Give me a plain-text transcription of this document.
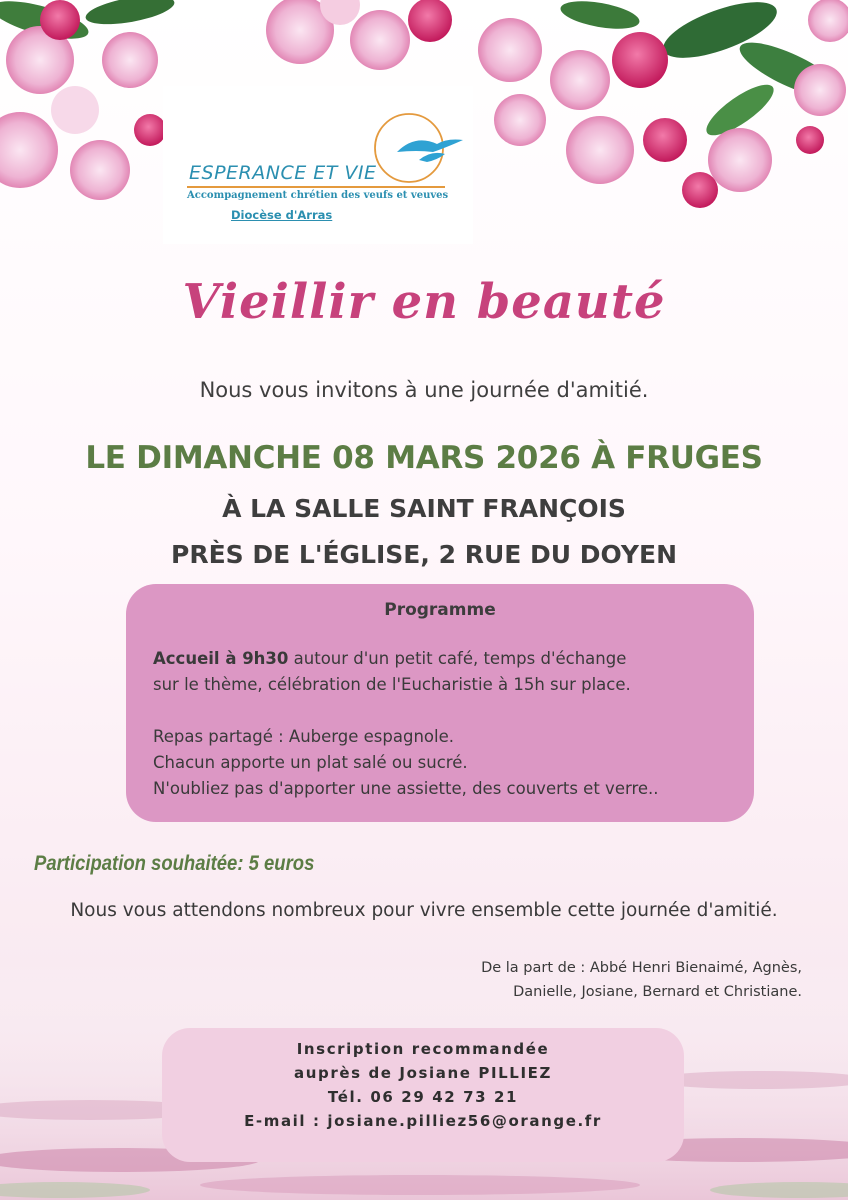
ESPERANCE ET VIE
Accompagnement chrétien des veufs et veuves
Diocèse d'Arras
Vieillir en beauté
Nous vous invitons à une journée d'amitié.
LE DIMANCHE 08 MARS 2026 À FRUGES
À LA SALLE SAINT FRANÇOIS
PRÈS DE L'ÉGLISE, 2 RUE DU DOYEN
Programme

Accueil à 9h30 autour d'un petit café, temps d'échange

sur le thème, célébration de l'Eucharistie à 15h sur place.

Repas partagé : Auberge espagnole.

Chacun apporte un plat salé ou sucré.

N'oubliez pas d'apporter une assiette, des couverts et verre..

Participation souhaitée: 5 euros
Nous vous attendons nombreux pour vivre ensemble cette journée d'amitié.

De la part de : Abbé Henri Bienaimé, Agnès,

Danielle, Josiane, Bernard et Christiane.

Inscription recommandée

auprès de Josiane PILLIEZ

Tél. 06 29 42 73 21

E-mail : josiane.pilliez56@orange.fr
